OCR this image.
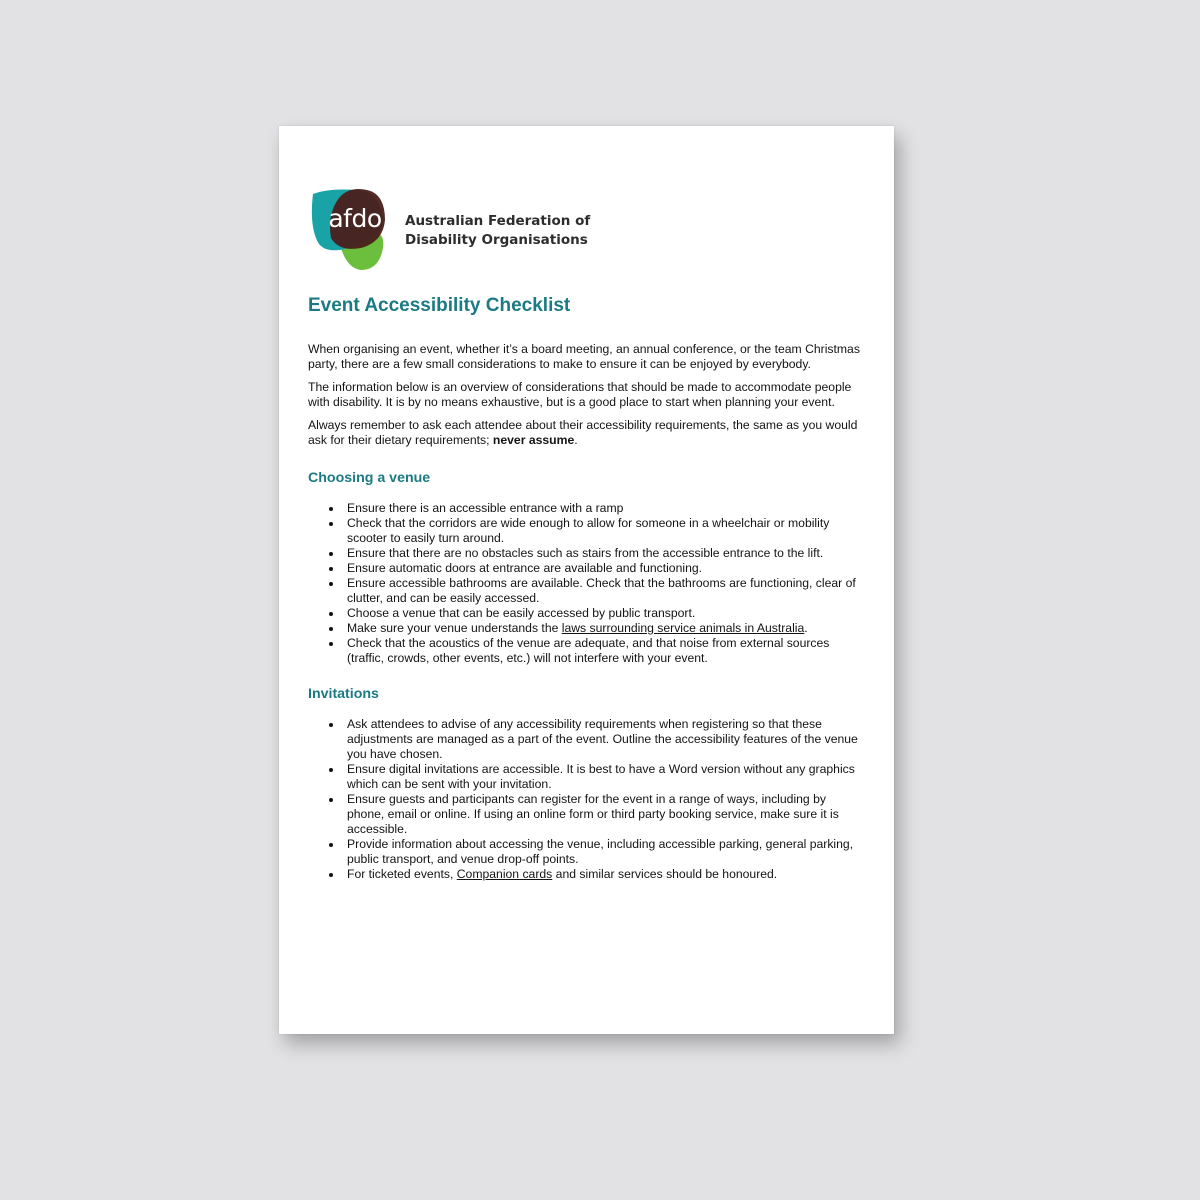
afdo	Australian Federation of
Disability Organisations
Event Accessibility Checklist

When organising an event, whether it’s a board meeting, an annual conference, or the team Christmas party, there are a few small considerations to make to ensure it can be enjoyed by everybody.

The information below is an overview of considerations that should be made to accommodate people with disability. It is by no means exhaustive, but is a good place to start when planning your event.

Always remember to ask each attendee about their accessibility requirements, the same as you would ask for their dietary requirements; never assume.

Choosing a venue
Ensure there is an accessible entrance with a ramp
Check that the corridors are wide enough to allow for someone in a wheelchair or mobility scooter to easily turn around.
Ensure that there are no obstacles such as stairs from the accessible entrance to the lift.
Ensure automatic doors at entrance are available and functioning.
Ensure accessible bathrooms are available. Check that the bathrooms are functioning, clear of clutter, and can be easily accessed.
Choose a venue that can be easily accessed by public transport.
Make sure your venue understands the laws surrounding service animals in Australia.
Check that the acoustics of the venue are adequate, and that noise from external sources (traffic, crowds, other events, etc.) will not interfere with your event.
Invitations
Ask attendees to advise of any accessibility requirements when registering so that these adjustments are managed as a part of the event. Outline the accessibility features of the venue you have chosen.
Ensure digital invitations are accessible. It is best to have a Word version without any graphics which can be sent with your invitation.
Ensure guests and participants can register for the event in a range of ways, including by phone, email or online. If using an online form or third party booking service, make sure it is accessible.
Provide information about accessing the venue, including accessible parking, general parking, public transport, and venue drop-off points.
For ticketed events, Companion cards and similar services should be honoured.
